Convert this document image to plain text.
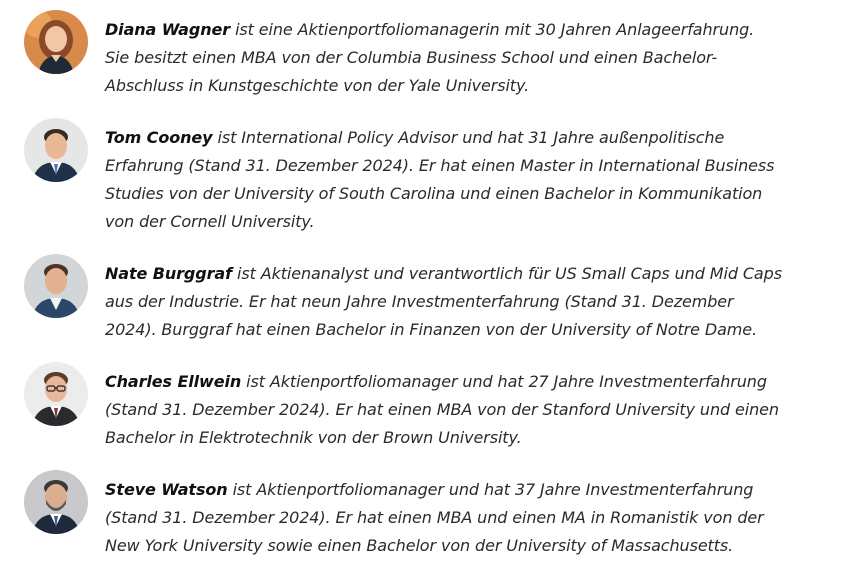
Diana Wagner ist eine Aktienportfoliomanagerin mit 30 Jahren Anlageerfahrung.
Sie besitzt einen MBA von der Columbia Business School und einen Bachelor-
Abschluss in Kunstgeschichte von der Yale University.
Tom Cooney ist International Policy Advisor und hat 31 Jahre außenpolitische
Erfahrung (Stand 31. Dezember 2024). Er hat einen Master in International Business
Studies von der University of South Carolina und einen Bachelor in Kommunikation
von der Cornell University.
Nate Burggraf ist Aktienanalyst und verantwortlich für US Small Caps und Mid Caps
aus der Industrie. Er hat neun Jahre Investmenterfahrung (Stand 31. Dezember
2024). Burggraf hat einen Bachelor in Finanzen von der University of Notre Dame.
Charles Ellwein ist Aktienportfoliomanager und hat 27 Jahre Investmenterfahrung
(Stand 31. Dezember 2024). Er hat einen MBA von der Stanford University und einen
Bachelor in Elektrotechnik von der Brown University.
Steve Watson ist Aktienportfoliomanager und hat 37 Jahre Investmenterfahrung
(Stand 31. Dezember 2024). Er hat einen MBA und einen MA in Romanistik von der
New York University sowie einen Bachelor von der University of Massachusetts.
